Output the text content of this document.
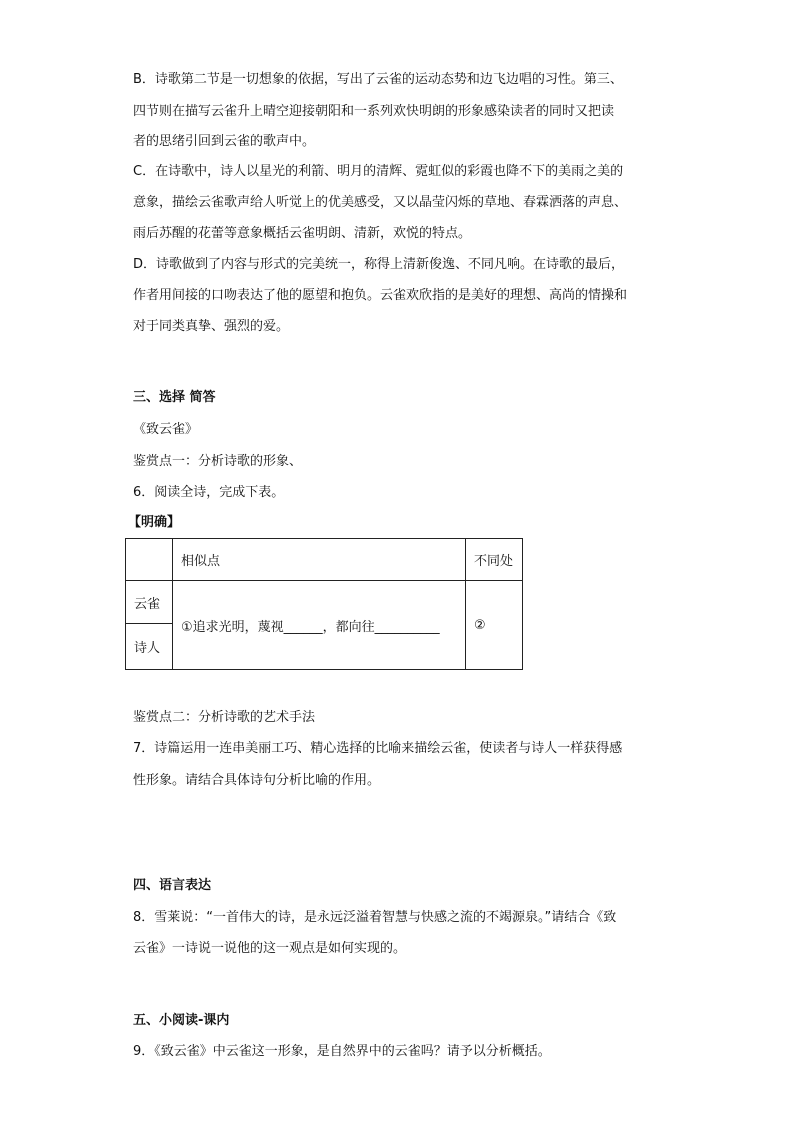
B．诗歌第二节是一切想象的依据，写出了云雀的运动态势和边飞边唱的习性。第三、
四节则在描写云雀升上晴空迎接朝阳和一系列欢快明朗的形象感染读者的同时又把读
者的思绪引回到云雀的歌声中。
C．在诗歌中，诗人以星光的利箭、明月的清辉、霓虹似的彩霞也降不下的美雨之美的
意象，描绘云雀歌声给人听觉上的优美感受，又以晶莹闪烁的草地、春霖洒落的声息、
雨后苏醒的花蕾等意象概括云雀明朗、清新，欢悦的特点。
D．诗歌做到了内容与形式的完美统一，称得上清新俊逸、不同凡响。在诗歌的最后，
作者用间接的口吻表达了他的愿望和抱负。云雀欢欣指的是美好的理想、高尚的情操和
对于同类真挚、强烈的爱。
三、选择 简答
《致云雀》
鉴赏点一：分析诗歌的形象、
6．阅读全诗，完成下表。
【明确】
	相似点	不同处
云雀	①追求光明，蔑视______，都向往__________	②
诗人		
鉴赏点二：分析诗歌的艺术手法
7．诗篇运用一连串美丽工巧、精心选择的比喻来描绘云雀，使读者与诗人一样获得感
性形象。请结合具体诗句分析比喻的作用。
四、语言表达
8．雪莱说：“一首伟大的诗，是永远泛溢着智慧与快感之流的不竭源泉。”请结合《致
云雀》一诗说一说他的这一观点是如何实现的。
五、小阅读-课内
9．《致云雀》中云雀这一形象，是自然界中的云雀吗？请予以分析概括。
